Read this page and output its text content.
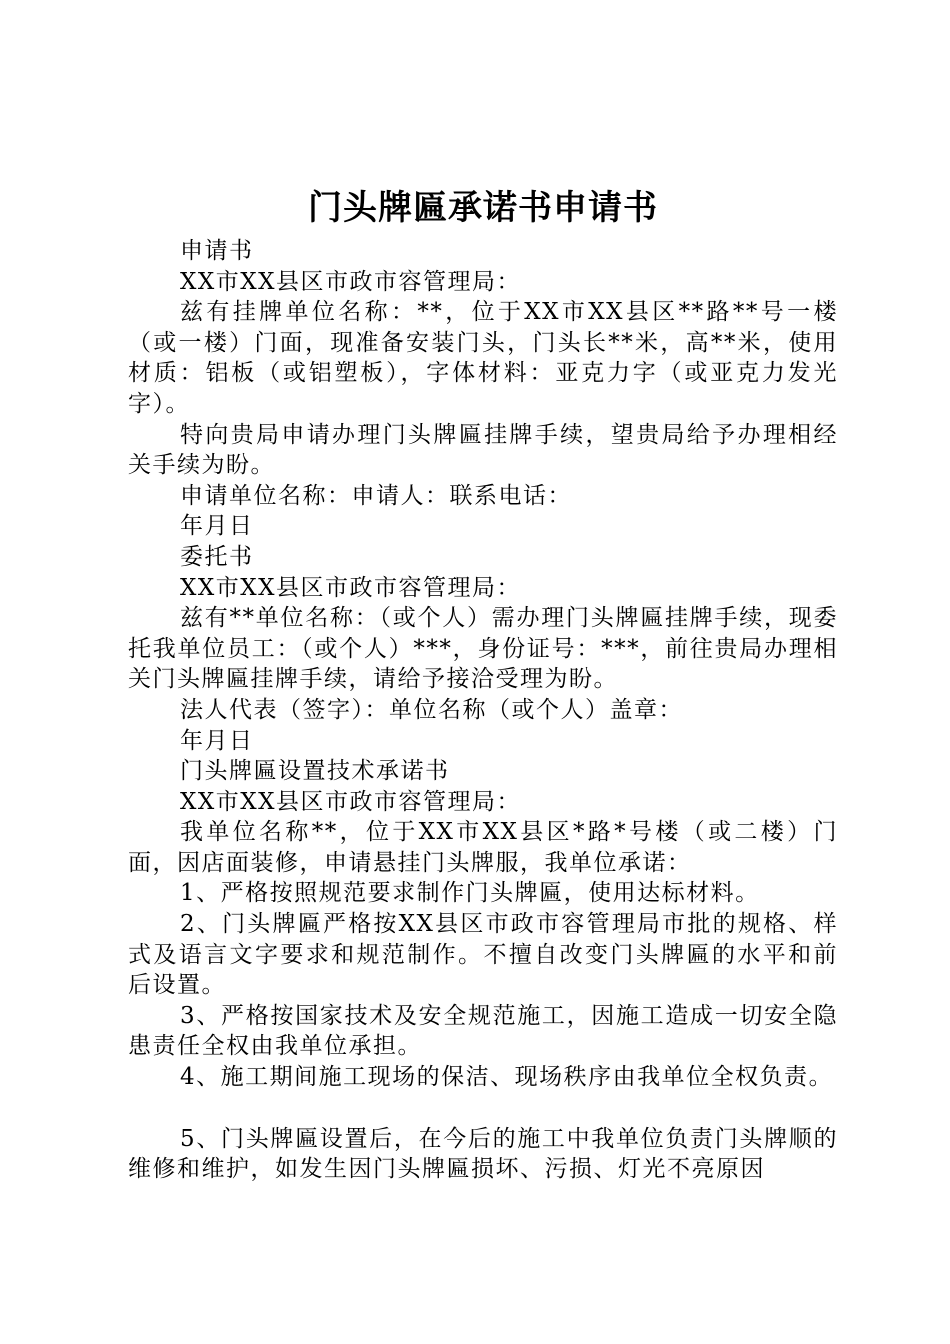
门头牌匾承诺书申请书

申请书

XX市XX县区市政市容管理局：

兹有挂牌单位名称：**，位于XX市XX县区**路**号一楼（或一楼）门面，现准备安装门头，门头长**米，高**米，使用材质：铝板（或铝塑板），字体材料：亚克力字（或亚克力发光字）。

特向贵局申请办理门头牌匾挂牌手续，望贵局给予办理相经关手续为盼。

申请单位名称：申请人：联系电话：

年月日

委托书

XX市XX县区市政市容管理局：

兹有**单位名称：（或个人）需办理门头牌匾挂牌手续，现委托我单位员工：（或个人）***，身份证号：***，前往贵局办理相关门头牌匾挂牌手续，请给予接洽受理为盼。

法人代表（签字）：单位名称（或个人）盖章：

年月日

门头牌匾设置技术承诺书

XX市XX县区市政市容管理局：

我单位名称**，位于XX市XX县区*路*号楼（或二楼）门面，因店面装修，申请悬挂门头牌服，我单位承诺：

1、严格按照规范要求制作门头牌匾，使用达标材料。

2、门头牌匾严格按XX县区市政市容管理局市批的规格、样式及语言文字要求和规范制作。不擅自改变门头牌匾的水平和前后设置。

3、严格按国家技术及安全规范施工，因施工造成一切安全隐患责任全权由我单位承担。

4、施工期间施工现场的保洁、现场秩序由我单位全权负责。

5、门头牌匾设置后，在今后的施工中我单位负责门头牌顺的维修和维护，如发生因门头牌匾损坏、污损、灯光不亮原因
